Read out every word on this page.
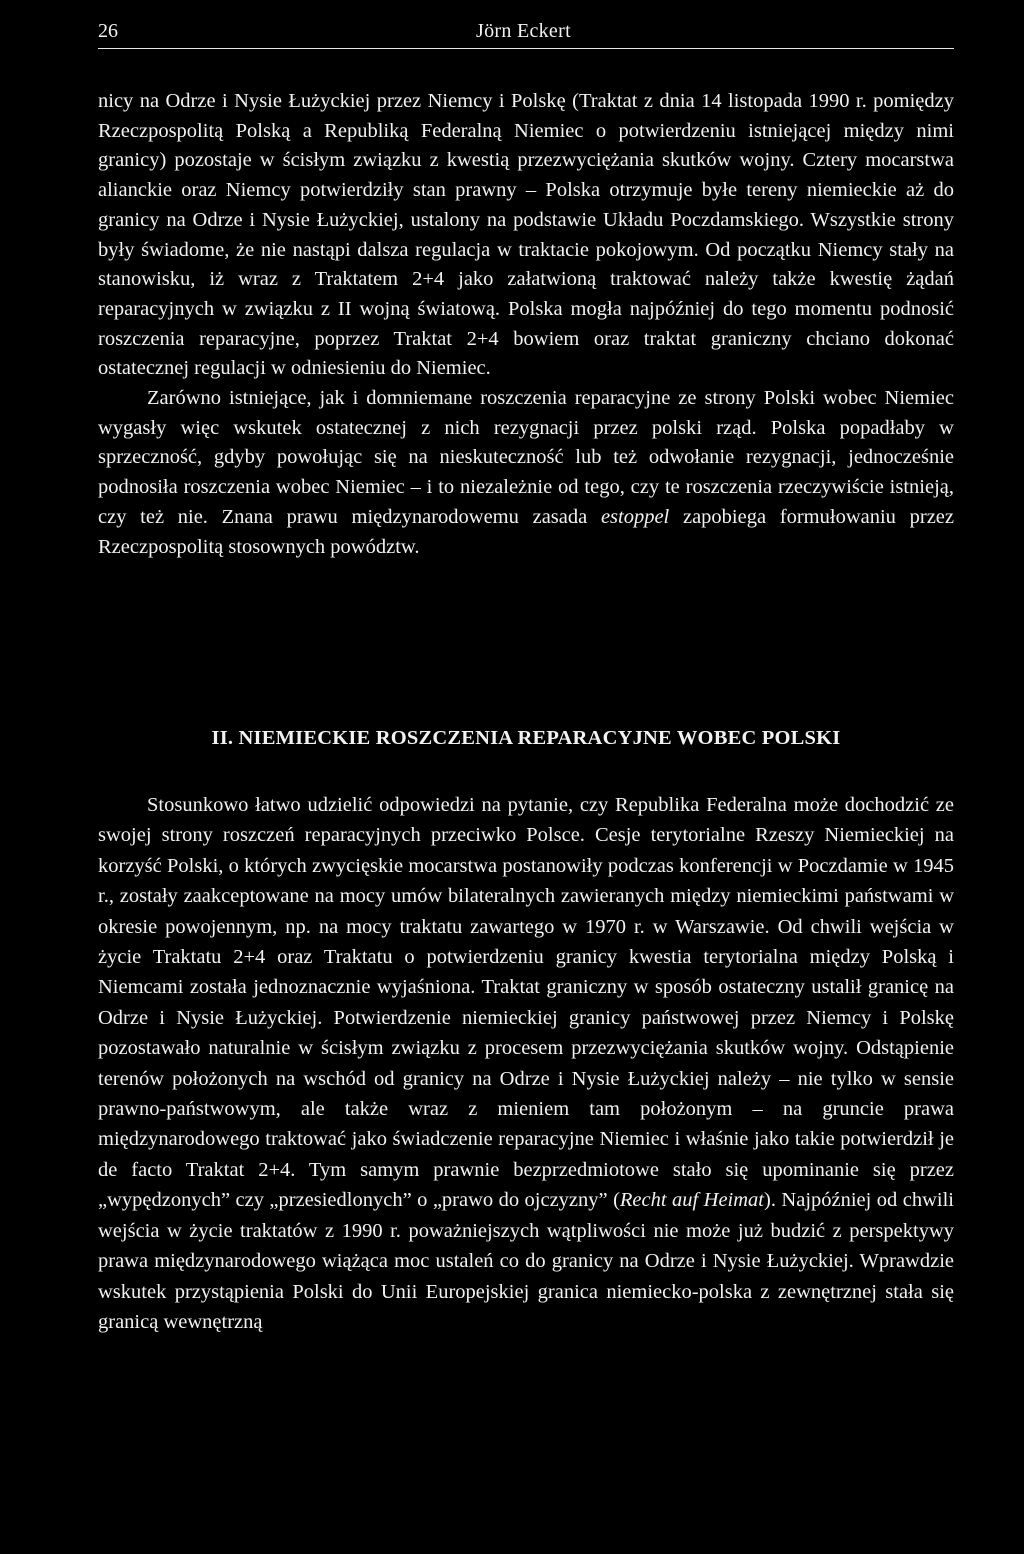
26	Jörn Eckert

nicy na Odrze i Nysie Łużyckiej przez Niemcy i Polskę (Traktat z dnia 14 listopada 1990 r. pomiędzy Rzeczpospolitą Polską a Republiką Federalną Niemiec o potwierdzeniu istniejącej między nimi granicy) pozostaje w ścisłym związku z kwestią przezwyciężania skutków wojny. Cztery mocarstwa alianckie oraz Niemcy potwierdziły stan prawny – Polska otrzymuje byłe tereny niemieckie aż do granicy na Odrze i Nysie Łużyckiej, ustalony na podstawie Układu Poczdamskiego. Wszystkie strony były świadome, że nie nastąpi dalsza regulacja w traktacie pokojowym. Od początku Niemcy stały na stanowisku, iż wraz z Traktatem 2+4 jako załatwioną traktować należy także kwestię żądań reparacyjnych w związku z II wojną światową. Polska mogła najpóźniej do tego momentu podnosić roszczenia reparacyjne, poprzez Traktat 2+4 bowiem oraz traktat graniczny chciano dokonać ostatecznej regulacji w odniesieniu do Niemiec.

Zarówno istniejące, jak i domniemane roszczenia reparacyjne ze strony Polski wobec Niemiec wygasły więc wskutek ostatecznej z nich rezygnacji przez polski rząd. Polska popadłaby w sprzeczność, gdyby powołując się na nieskuteczność lub też odwołanie rezygnacji, jednocześnie podnosiła roszczenia wobec Niemiec – i to niezależnie od tego, czy te roszczenia rzeczywiście istnieją, czy też nie. Znana prawu międzynarodowemu zasada estoppel zapobiega formułowaniu przez Rzeczpospolitą stosownych powództw.

II. NIEMIECKIE ROSZCZENIA REPARACYJNE WOBEC POLSKI

Stosunkowo łatwo udzielić odpowiedzi na pytanie, czy Republika Federalna może dochodzić ze swojej strony roszczeń reparacyjnych przeciwko Polsce. Cesje terytorialne Rzeszy Niemieckiej na korzyść Polski, o których zwycięskie mocarstwa postanowiły podczas konferencji w Poczdamie w 1945 r., zostały zaakceptowane na mocy umów bilateralnych zawieranych między niemieckimi państwami w okresie powojennym, np. na mocy traktatu zawartego w 1970 r. w Warszawie. Od chwili wejścia w życie Traktatu 2+4 oraz Traktatu o potwierdzeniu granicy kwestia terytorialna między Polską i Niemcami została jednoznacznie wyjaśniona. Traktat graniczny w sposób ostateczny ustalił granicę na Odrze i Nysie Łużyckiej. Potwierdzenie niemieckiej granicy państwowej przez Niemcy i Polskę pozostawało naturalnie w ścisłym związku z procesem przezwyciężania skutków wojny. Odstąpienie terenów położonych na wschód od granicy na Odrze i Nysie Łużyckiej należy – nie tylko w sensie prawno-państwowym, ale także wraz z mieniem tam położonym – na gruncie prawa międzynarodowego traktować jako świadczenie reparacyjne Niemiec i właśnie jako takie potwierdził je de facto Traktat 2+4. Tym samym prawnie bezprzedmiotowe stało się upominanie się przez „wypędzonych” czy „przesiedlonych” o „prawo do ojczyzny” (Recht auf Heimat). Najpóźniej od chwili wejścia w życie traktatów z 1990 r. poważniejszych wątpliwości nie może już budzić z perspektywy prawa międzynarodowego wiążąca moc ustaleń co do granicy na Odrze i Nysie Łużyckiej. Wprawdzie wskutek przystąpienia Polski do Unii Europejskiej granica niemiecko-polska z zewnętrznej stała się granicą wewnętrzną
